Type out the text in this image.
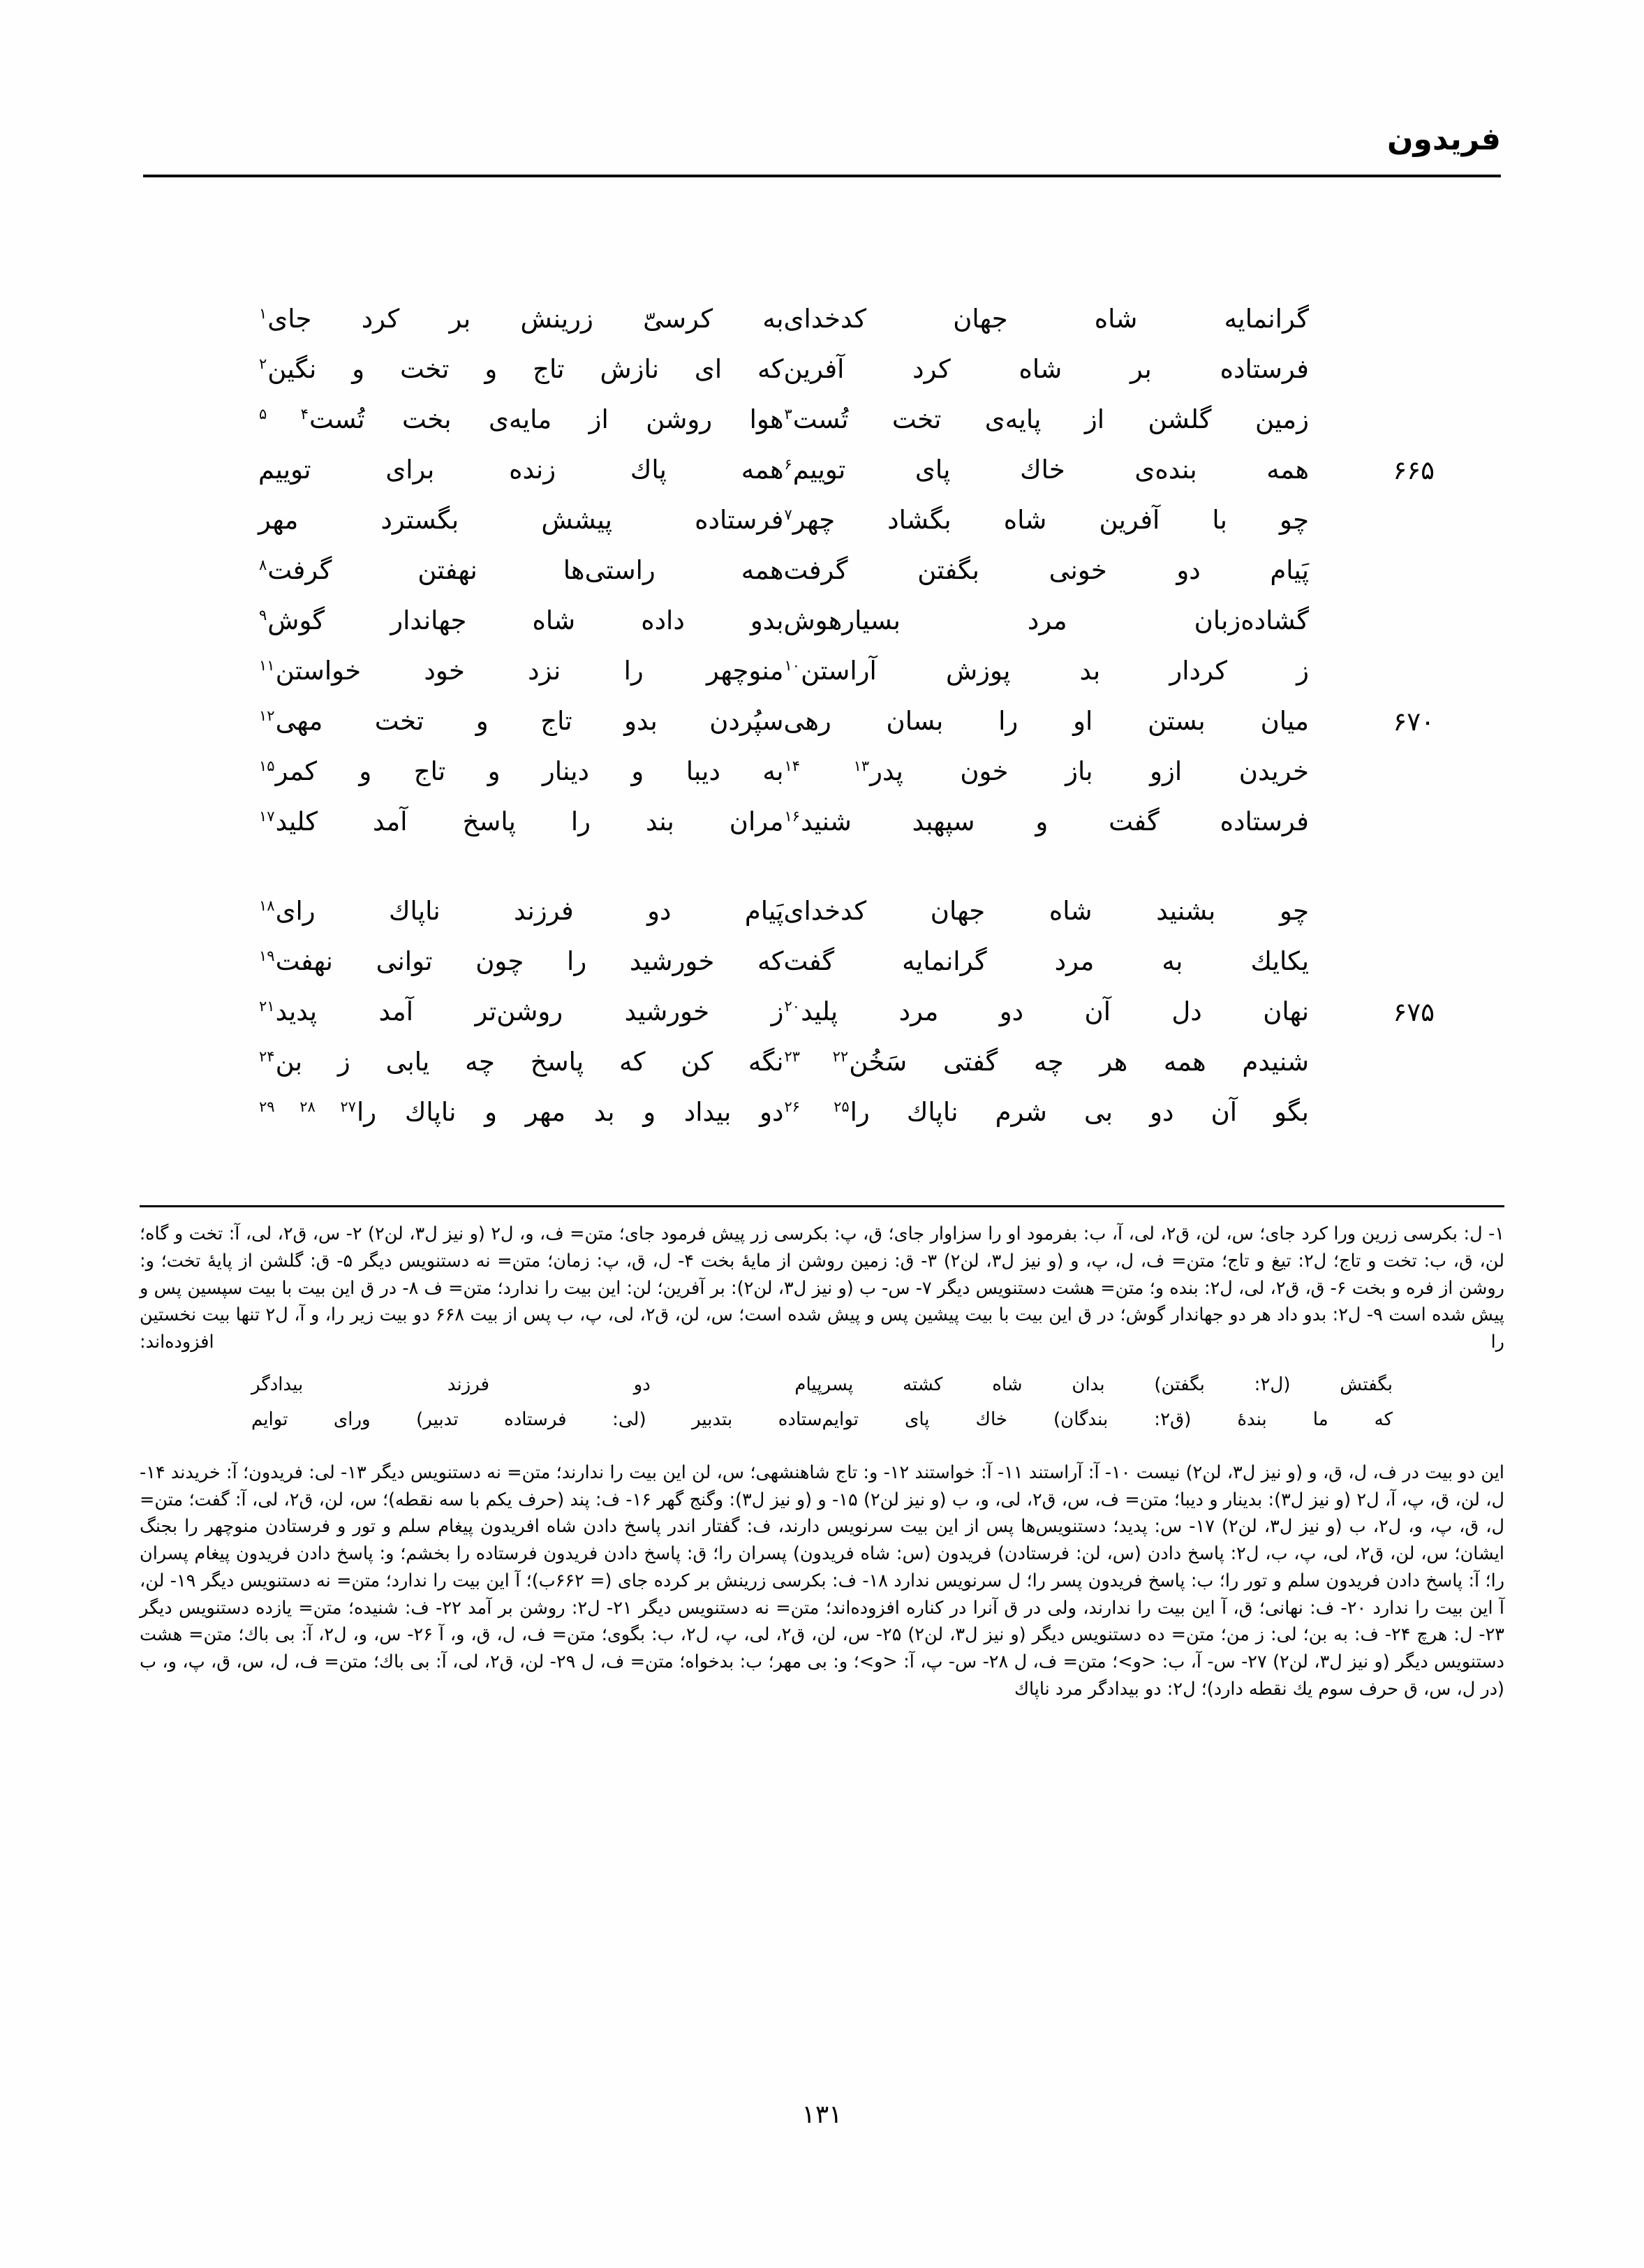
فریدون
گرانمایه شاه جهان کدخدای
به کرسیّ زرینش بر کرد جای$^۱$
فرستاده بر شاه کرد آفرین
که ای نازش تاج و تخت و نگین$^۲$
زمین گلشن از پایه‌ی تخت تُست$^۳$
هوا روشن از مایه‌ی بخت تُست$^{۴ ۵}$
۶۶۵
همه بنده‌ی خاك پای توییم$^۶$
همه پاك زنده برای توییم
چو با آفرین شاه بگشاد چهر$^۷$
فرستاده پیشش بگسترد مهر
پَیام دو خونی بگفتن گرفت
همه راستی‌ها نهفتن گرفت$^۸$
گشاده‌زبان مرد بسیارهوش
بدو داده شاه جهاندار گوش$^۹$
ز کردار بد پوزش آراستن$^{۱۰}$
منوچهر را نزد خود خواستن$^{۱۱}$
۶۷۰
میان بستن او را بسان رهی
سپُردن بدو تاج و تخت مهی$^{۱۲}$
خریدن ازو باز خون پدر$^{۱۳ ۱۴}$
به دیبا و دینار و تاج و کمر$^{۱۵}$
فرستاده گفت و سپهبد شنید$^{۱۶}$
مران بند را پاسخ آمد کلید$^{۱۷}$
چو بشنید شاه جهان کدخدای
پَیام دو فرزند ناپاك رای$^{۱۸}$
یکایك به مرد گرانمایه گفت
که خورشید را چون توانی نهفت$^{۱۹}$
۶۷۵
نهان دل آن دو مرد پلید$^{۲۰}$
ز خورشید روشن‌تر آمد پدید$^{۲۱}$
شنیدم همه هر چه گفتی سَخُن$^{۲۲ ۲۳}$
نگه کن که پاسخ چه یابی ز بن$^{۲۴}$
بگو آن دو بی شرم ناپاك را$^{۲۵ ۲۶}$
دو بیداد و بد مهر و ناپاك را$^{۲۷ ۲۸ ۲۹}$

۱- ل: بکرسی زرین ورا کرد جای؛ س، لن، ق۲، لی، آ، ب: بفرمود او را سزاوار جای؛ ق، پ: بکرسی زر پیش فرمود جای؛ متن= ف، و، ل۲ (و نیز ل۳، لن۲) ۲- س، ق۲، لی، آ: تخت و گاه؛ لن، ق، ب: تخت و تاج؛ ل۲: تیغ و تاج؛ متن= ف، ل، پ، و (و نیز ل۳، لن۲) ۳- ق: زمین روشن از مایهٔ بخت ۴- ل، ق، پ: زمان؛ متن= نه دستنویس دیگر ۵- ق: گلشن از پایهٔ تخت؛ و: روشن از فره و بخت ۶- ق، ق۲، لی، ل۲: بنده و؛ متن= هشت دستنویس دیگر ۷- س- ب (و نیز ل۳، لن۲): بر آفرین؛ لن: این بیت را ندارد؛ متن= ف ۸- در ق این بیت با بیت سپسین پس و پیش شده است ۹- ل۲: بدو داد هر دو جهاندار گوش؛ در ق این بیت با بیت پیشین پس و پیش شده است؛ س، لن، ق۲، لی، پ، ب پس از بیت ۶۶۸ دو بیت زیر را، و آ، ل۲ تنها بیت نخستین را افزوده‌اند:

بگفتش (ل۲: بگفتن) بدان شاه کشته پسر
پیام دو فرزند بیدادگر
که ما بندهٔ (ق۲: بندگان) خاك پای توایم
ستاده بتدبیر (لی: فرستاده تدبیر) ورای توایم

این دو بیت در ف، ل، ق، و (و نیز ل۳، لن۲) نیست ۱۰- آ: آراستند ۱۱- آ: خواستند ۱۲- و: تاج شاهنشهی؛ س، لن این بیت را ندارند؛ متن= نه دستنویس دیگر ۱۳- لی: فریدون؛ آ: خریدند ۱۴- ل، لن، ق، پ، آ، ل۲ (و نیز ل۳): بدینار و دیبا؛ متن= ف، س، ق۲، لی، و، ب (و نیز لن۲) ۱۵- و (و نیز ل۳): وگنج گهر ۱۶- ف: پند (حرف یکم با سه نقطه)؛ س، لن، ق۲، لی، آ: گفت؛ متن= ل، ق، پ، و، ل۲، ب (و نیز ل۳، لن۲) ۱۷- س: پدید؛ دستنویس‌ها پس از این بیت سرنویس دارند، ف: گفتار اندر پاسخ دادن شاه افریدون پیغام سلم و تور و فرستادن منوچهر را بجنگ ایشان؛ س، لن، ق۲، لی، پ، ب، ل۲: پاسخ دادن (س، لن: فرستادن) فریدون (س: شاه فریدون) پسران را؛ ق: پاسخ دادن فریدون فرستاده را بخشم؛ و: پاسخ دادن فریدون پیغام پسران را؛ آ: پاسخ دادن فریدون سلم و تور را؛ ب: پاسخ فریدون پسر را؛ ل سرنویس ندارد ۱۸- ف: بکرسی زرینش بر کرده جای (= ۶۶۲ب)؛ آ این بیت را ندارد؛ متن= نه دستنویس دیگر ۱۹- لن، آ این بیت را ندارد ۲۰- ف: نهانی؛ ق، آ این بیت را ندارند، ولی در ق آنرا در کناره افزوده‌اند؛ متن= نه دستنویس دیگر ۲۱- ل۲: روشن بر آمد ۲۲- ف: شنیده؛ متن= یازده دستنویس دیگر ۲۳- ل: هرچ ۲۴- ف: به بن؛ لی: ز من؛ متن= ده دستنویس دیگر (و نیز ل۳، لن۲) ۲۵- س، لن، ق۲، لی، پ، ل۲، ب: بگوی؛ متن= ف، ل، ق، و، آ ۲۶- س، و، ل۲، آ: بی باك؛ متن= هشت دستنویس دیگر (و نیز ل۳، لن۲) ۲۷- س- آ، ب: <و>؛ متن= ف، ل ۲۸- س- پ، آ: <و>؛ و: بی مهر؛ ب: بدخواه؛ متن= ف، ل ۲۹- لن، ق۲، لی، آ: بی باك؛ متن= ف، ل، س، ق، پ، و، ب (در ل، س، ق حرف سوم یك نقطه دارد)؛ ل۲: دو بیدادگر مرد ناپاك

۱۳۱
